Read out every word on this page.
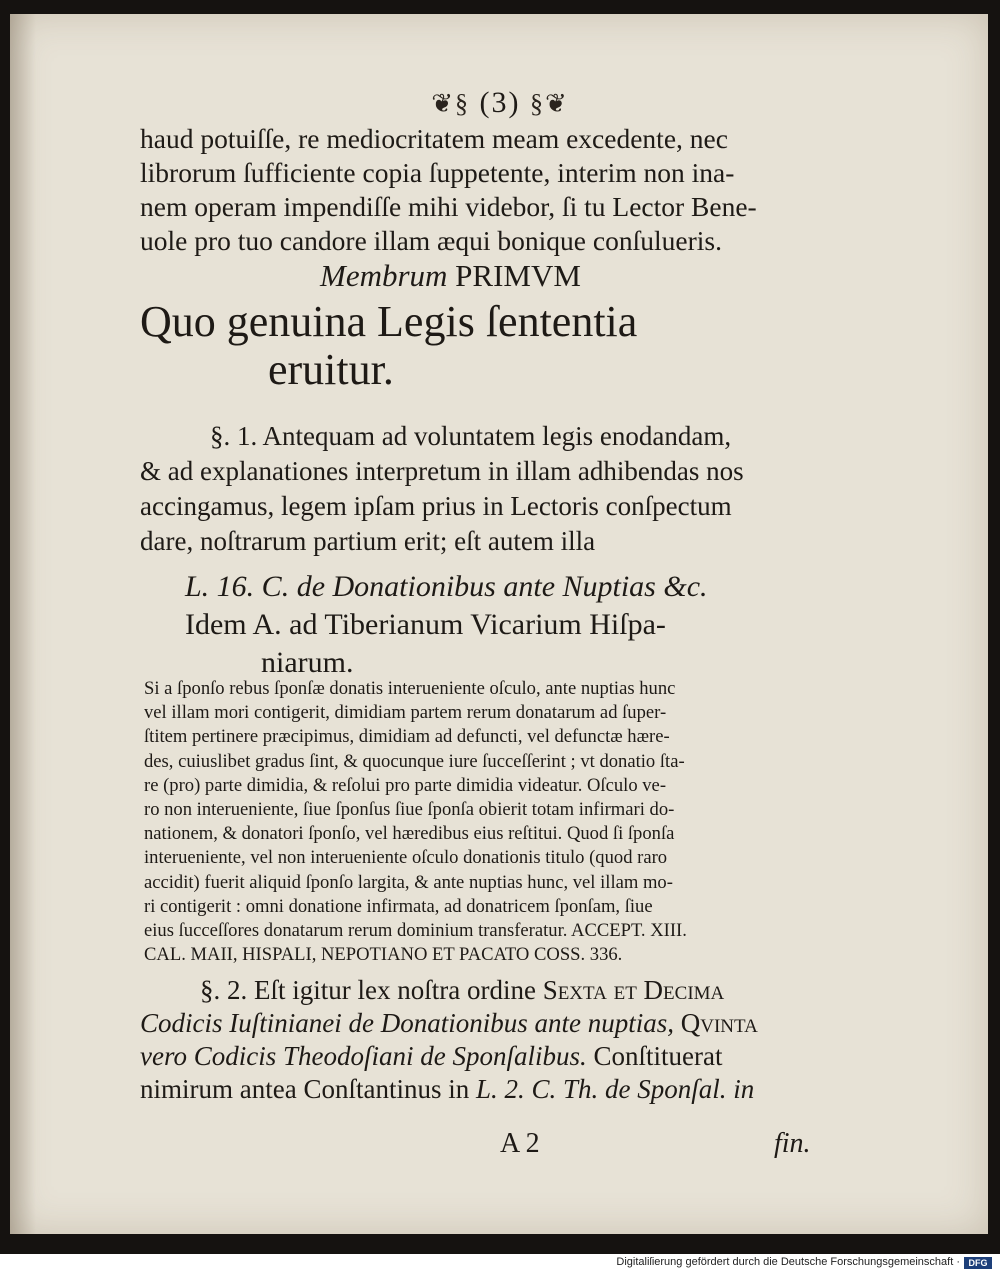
❦§ (3) §❦
haud potuiſſe, re mediocritatem meam excedente, nec
librorum ſufficiente copia ſuppetente, interim non ina-
nem operam impendiſſe mihi videbor, ſi tu Lector Bene-
uole pro tuo candore illam æqui bonique conſulueris.
Membrum PRIMVM
Quo genuina Legis ſententia
eruitur.
§. 1. Antequam ad voluntatem legis enodandam,
& ad explanationes interpretum in illam adhibendas nos
accingamus, legem ipſam prius in Lectoris conſpectum
dare, noſtrarum partium erit; eſt autem illa
L. 16. C. de Donationibus ante Nuptias &c.
Idem A. ad Tiberianum Vicarium Hiſpa-
niarum.
Si a ſponſo rebus ſponſæ donatis interueniente oſculo, ante nuptias hunc
vel illam mori contigerit, dimidiam partem rerum donatarum ad ſuper-
ſtitem pertinere præcipimus, dimidiam ad defuncti, vel defunctæ hære-
des, cuiuslibet gradus ſint, & quocunque iure ſucceſſerint ; vt donatio ſta-
re (pro) parte dimidia, & reſolui pro parte dimidia videatur. Oſculo ve-
ro non interueniente, ſiue ſponſus ſiue ſponſa obierit totam infirmari do-
nationem, & donatori ſponſo, vel hæredibus eius reſtitui. Quod ſi ſponſa
interueniente, vel non interueniente oſculo donationis titulo (quod raro
accidit) fuerit aliquid ſponſo largita, & ante nuptias hunc, vel illam mo-
ri contigerit : omni donatione infirmata, ad donatricem ſponſam, ſiue
eius ſucceſſores donatarum rerum dominium transferatur. ACCEPT. XIII.
CAL. MAII, HISPALI, NEPOTIANO ET PACATO COSS. 336.
§. 2. Eſt igitur lex noſtra ordine Sexta et Decima
Codicis Iuſtinianei de Donationibus ante nuptias, Qvinta
vero Codicis Theodoſiani de Sponſalibus. Conſtituerat
nimirum antea Conſtantinus in L. 2. C. Th. de Sponſal. in
A 2	fin.
Digitaliſierung gefördert durch die Deutsche Forschungsgemeinschaft · DFG
